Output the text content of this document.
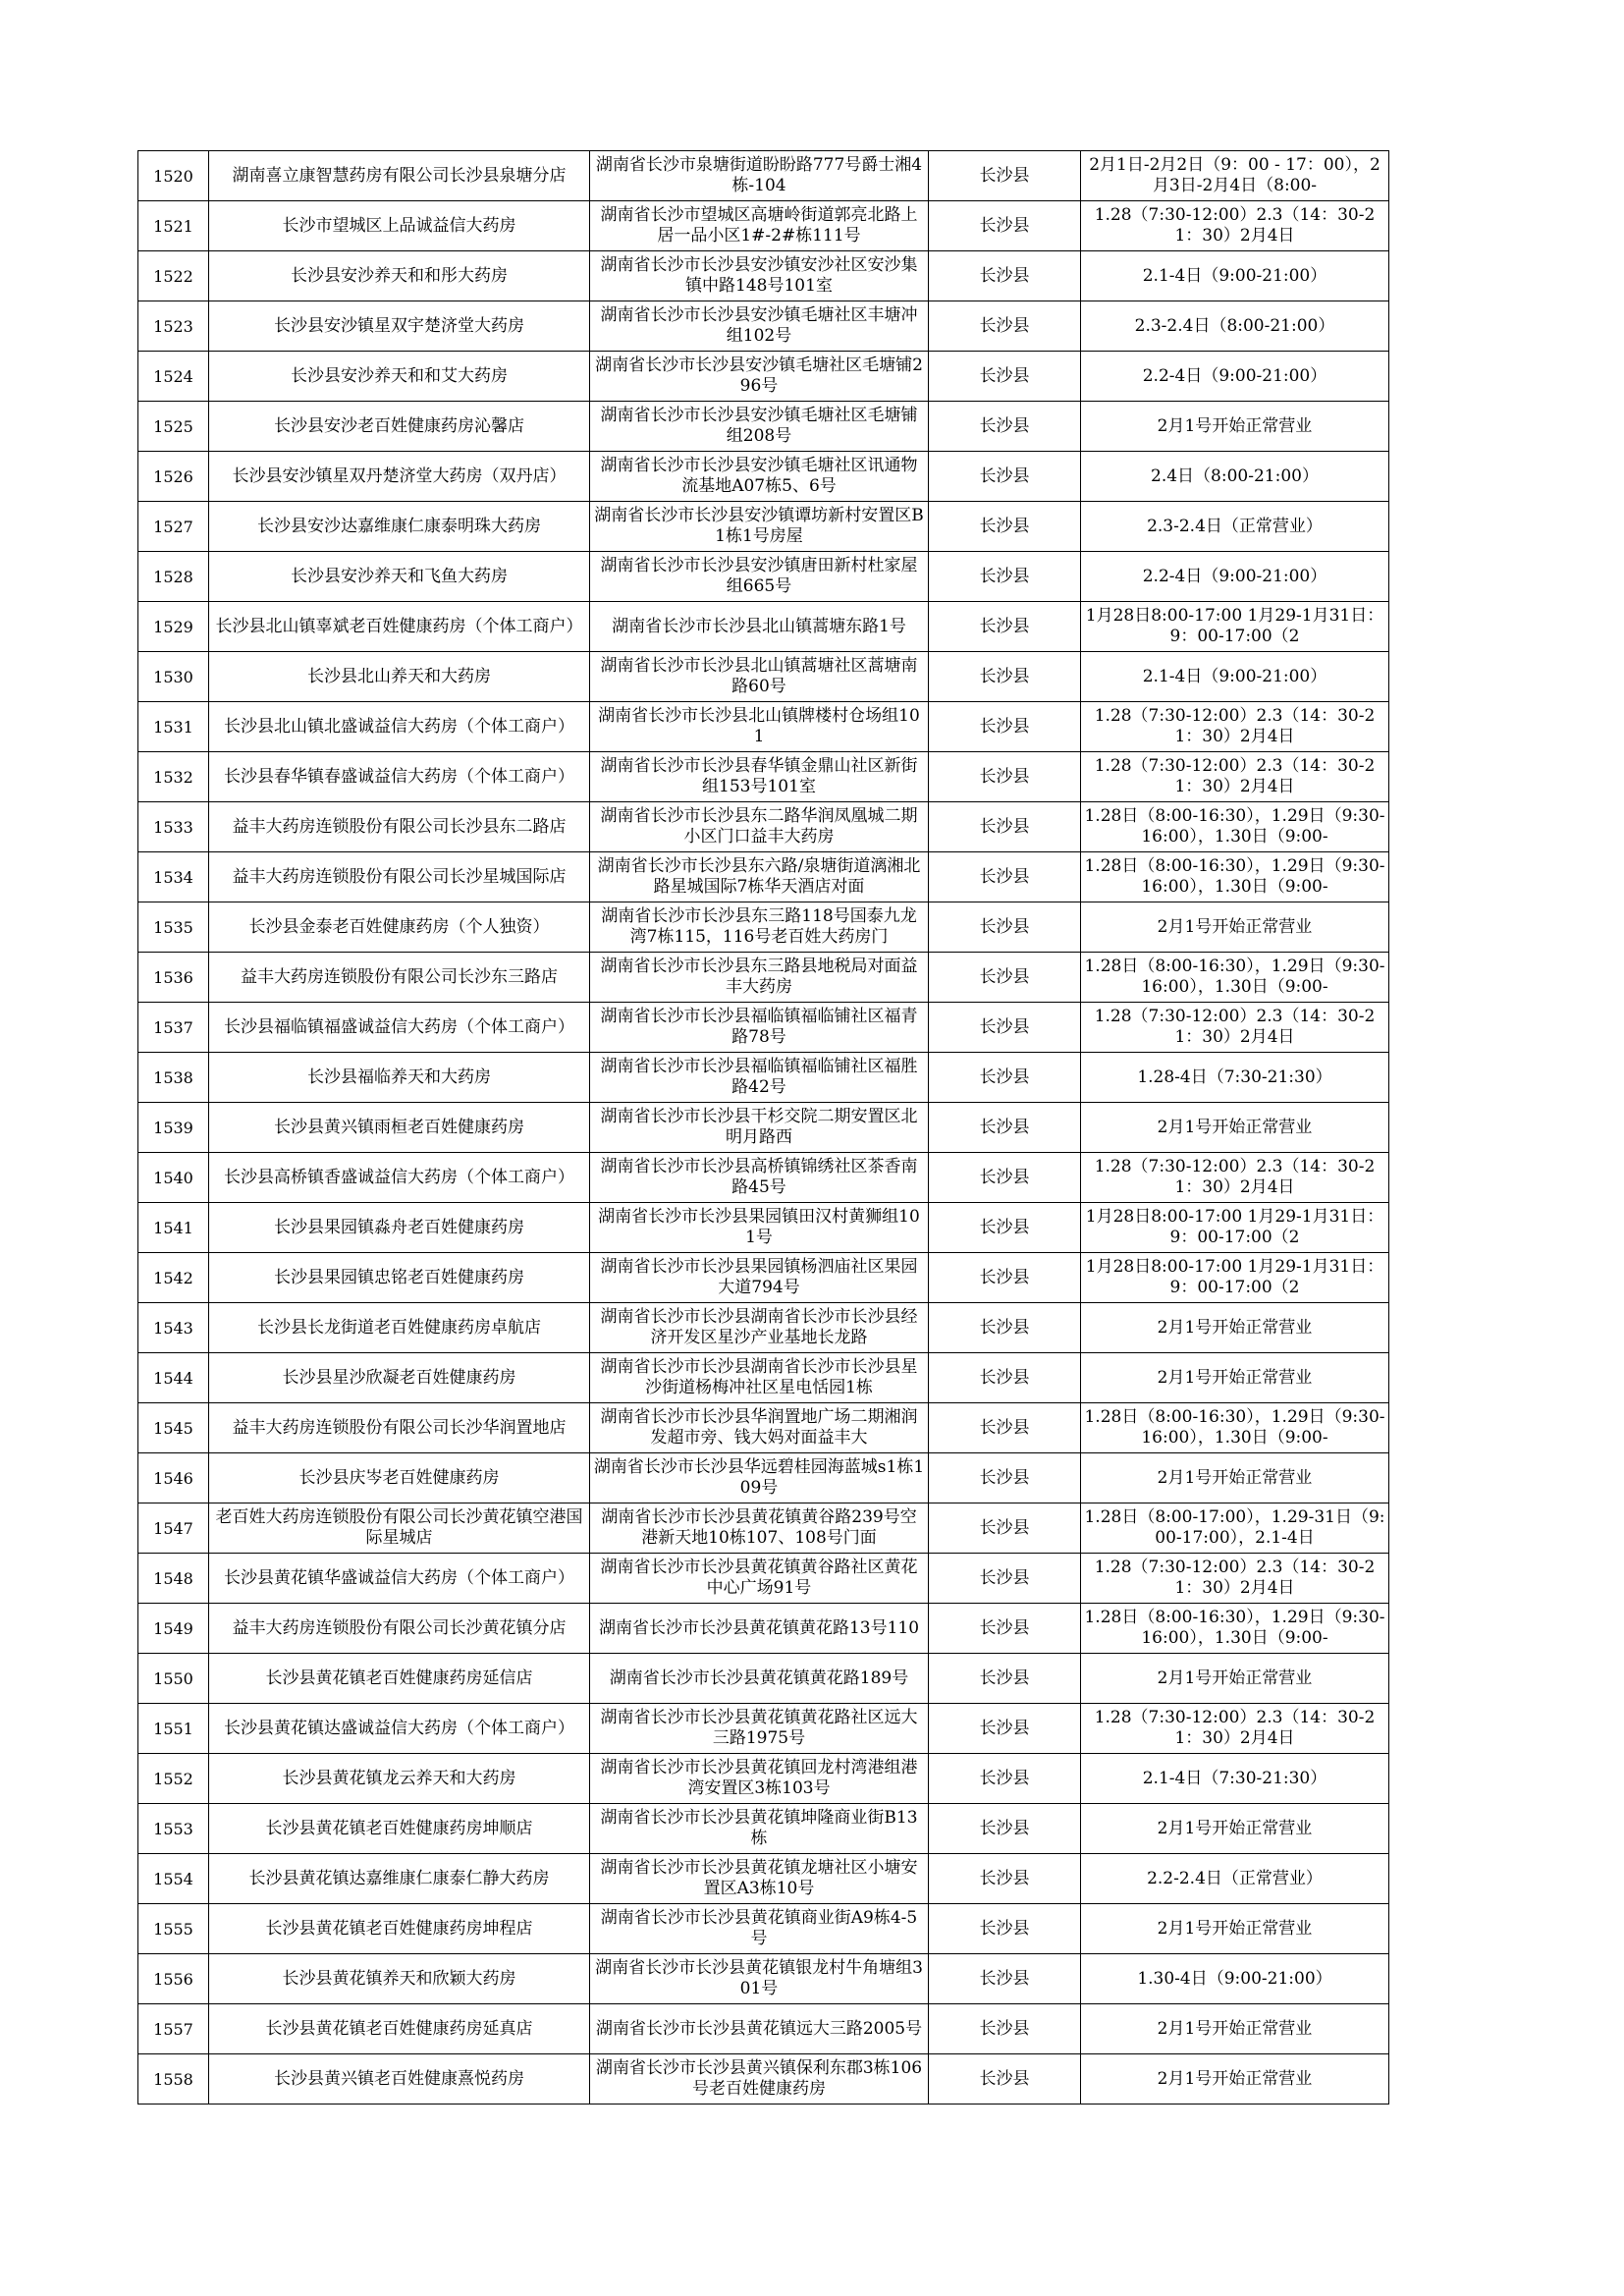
1520	湖南喜立康智慧药房有限公司长沙县泉塘分店	湖南省长沙市泉塘街道盼盼路777号爵士湘4栋-104	长沙县	2月1日-2月2日（9：00 - 17：00），2月3日-2月4日（8:00-

1521	长沙市望城区上品诚益信大药房	湖南省长沙市望城区高塘岭街道郭亮北路上居一品小区1#-2#栋111号	长沙县	1.28（7:30-12:00）2.3（14：30-21：30）2月4日

1522	长沙县安沙养天和和彤大药房	湖南省长沙市长沙县安沙镇安沙社区安沙集镇中路148号101室	长沙县	2.1-4日（9:00-21:00）

1523	长沙县安沙镇星双宇楚济堂大药房	湖南省长沙市长沙县安沙镇毛塘社区丰塘冲组102号	长沙县	2.3-2.4日（8:00-21:00）

1524	长沙县安沙养天和和艾大药房	湖南省长沙市长沙县安沙镇毛塘社区毛塘铺296号	长沙县	2.2-4日（9:00-21:00）

1525	长沙县安沙老百姓健康药房沁馨店	湖南省长沙市长沙县安沙镇毛塘社区毛塘铺组208号	长沙县	2月1号开始正常营业

1526	长沙县安沙镇星双丹楚济堂大药房（双丹店）	湖南省长沙市长沙县安沙镇毛塘社区讯通物流基地A07栋5、6号	长沙县	2.4日（8:00-21:00）

1527	长沙县安沙达嘉维康仁康泰明珠大药房	湖南省长沙市长沙县安沙镇谭坊新村安置区B1栋1号房屋	长沙县	2.3-2.4日（正常营业）

1528	长沙县安沙养天和飞鱼大药房	湖南省长沙市长沙县安沙镇唐田新村杜家屋组665号	长沙县	2.2-4日（9:00-21:00）

1529	长沙县北山镇辜斌老百姓健康药房（个体工商户）	湖南省长沙市长沙县北山镇蒿塘东路1号	长沙县	1月28日8:00-17:00 1月29-1月31日：9：00-17:00（2

1530	长沙县北山养天和大药房	湖南省长沙市长沙县北山镇蒿塘社区蒿塘南路60号	长沙县	2.1-4日（9:00-21:00）

1531	长沙县北山镇北盛诚益信大药房（个体工商户）	湖南省长沙市长沙县北山镇牌楼村仓场组101	长沙县	1.28（7:30-12:00）2.3（14：30-21：30）2月4日

1532	长沙县春华镇春盛诚益信大药房（个体工商户）	湖南省长沙市长沙县春华镇金鼎山社区新街组153号101室	长沙县	1.28（7:30-12:00）2.3（14：30-21：30）2月4日

1533	益丰大药房连锁股份有限公司长沙县东二路店	湖南省长沙市长沙县东二路华润凤凰城二期小区门口益丰大药房	长沙县	1.28日（8:00-16:30），1.29日（9:30-16:00），1.30日（9:00-

1534	益丰大药房连锁股份有限公司长沙星城国际店	湖南省长沙市长沙县东六路/泉塘街道漓湘北路星城国际7栋华天酒店对面	长沙县	1.28日（8:00-16:30），1.29日（9:30-16:00），1.30日（9:00-

1535	长沙县金泰老百姓健康药房（个人独资）	湖南省长沙市长沙县东三路118号国泰九龙湾7栋115，116号老百姓大药房门	长沙县	2月1号开始正常营业

1536	益丰大药房连锁股份有限公司长沙东三路店	湖南省长沙市长沙县东三路县地税局对面益丰大药房	长沙县	1.28日（8:00-16:30），1.29日（9:30-16:00），1.30日（9:00-

1537	长沙县福临镇福盛诚益信大药房（个体工商户）	湖南省长沙市长沙县福临镇福临铺社区福青路78号	长沙县	1.28（7:30-12:00）2.3（14：30-21：30）2月4日

1538	长沙县福临养天和大药房	湖南省长沙市长沙县福临镇福临铺社区福胜路42号	长沙县	1.28-4日（7:30-21:30）

1539	长沙县黄兴镇雨桓老百姓健康药房	湖南省长沙市长沙县干杉交院二期安置区北明月路西	长沙县	2月1号开始正常营业

1540	长沙县高桥镇香盛诚益信大药房（个体工商户）	湖南省长沙市长沙县高桥镇锦绣社区茶香南路45号	长沙县	1.28（7:30-12:00）2.3（14：30-21：30）2月4日

1541	长沙县果园镇淼舟老百姓健康药房	湖南省长沙市长沙县果园镇田汉村黄狮组101号	长沙县	1月28日8:00-17:00 1月29-1月31日：9：00-17:00（2

1542	长沙县果园镇忠铭老百姓健康药房	湖南省长沙市长沙县果园镇杨泗庙社区果园大道794号	长沙县	1月28日8:00-17:00 1月29-1月31日：9：00-17:00（2

1543	长沙县长龙街道老百姓健康药房卓航店	湖南省长沙市长沙县湖南省长沙市长沙县经济开发区星沙产业基地长龙路	长沙县	2月1号开始正常营业

1544	长沙县星沙欣凝老百姓健康药房	湖南省长沙市长沙县湖南省长沙市长沙县星沙街道杨梅冲社区星电恬园1栋	长沙县	2月1号开始正常营业

1545	益丰大药房连锁股份有限公司长沙华润置地店	湖南省长沙市长沙县华润置地广场二期湘润发超市旁、钱大妈对面益丰大	长沙县	1.28日（8:00-16:30），1.29日（9:30-16:00），1.30日（9:00-

1546	长沙县庆岑老百姓健康药房	湖南省长沙市长沙县华远碧桂园海蓝城s1栋109号	长沙县	2月1号开始正常营业

1547	老百姓大药房连锁股份有限公司长沙黄花镇空港国际星城店	湖南省长沙市长沙县黄花镇黄谷路239号空港新天地10栋107、108号门面	长沙县	1.28日（8:00-17:00），1.29-31日（9:00-17:00），2.1-4日

1548	长沙县黄花镇华盛诚益信大药房（个体工商户）	湖南省长沙市长沙县黄花镇黄谷路社区黄花中心广场91号	长沙县	1.28（7:30-12:00）2.3（14：30-21：30）2月4日

1549	益丰大药房连锁股份有限公司长沙黄花镇分店	湖南省长沙市长沙县黄花镇黄花路13号110	长沙县	1.28日（8:00-16:30），1.29日（9:30-16:00），1.30日（9:00-

1550	长沙县黄花镇老百姓健康药房延信店	湖南省长沙市长沙县黄花镇黄花路189号	长沙县	2月1号开始正常营业

1551	长沙县黄花镇达盛诚益信大药房（个体工商户）	湖南省长沙市长沙县黄花镇黄花路社区远大三路1975号	长沙县	1.28（7:30-12:00）2.3（14：30-21：30）2月4日

1552	长沙县黄花镇龙云养天和大药房	湖南省长沙市长沙县黄花镇回龙村湾港组港湾安置区3栋103号	长沙县	2.1-4日（7:30-21:30）

1553	长沙县黄花镇老百姓健康药房坤顺店	湖南省长沙市长沙县黄花镇坤隆商业街B13栋	长沙县	2月1号开始正常营业

1554	长沙县黄花镇达嘉维康仁康泰仁静大药房	湖南省长沙市长沙县黄花镇龙塘社区小塘安置区A3栋10号	长沙县	2.2-2.4日（正常营业）

1555	长沙县黄花镇老百姓健康药房坤程店	湖南省长沙市长沙县黄花镇商业街A9栋4-5号	长沙县	2月1号开始正常营业

1556	长沙县黄花镇养天和欣颖大药房	湖南省长沙市长沙县黄花镇银龙村牛角塘组301号	长沙县	1.30-4日（9:00-21:00）

1557	长沙县黄花镇老百姓健康药房延真店	湖南省长沙市长沙县黄花镇远大三路2005号	长沙县	2月1号开始正常营业

1558	长沙县黄兴镇老百姓健康熹悦药房	湖南省长沙市长沙县黄兴镇保利东郡3栋106号老百姓健康药房	长沙县	2月1号开始正常营业
